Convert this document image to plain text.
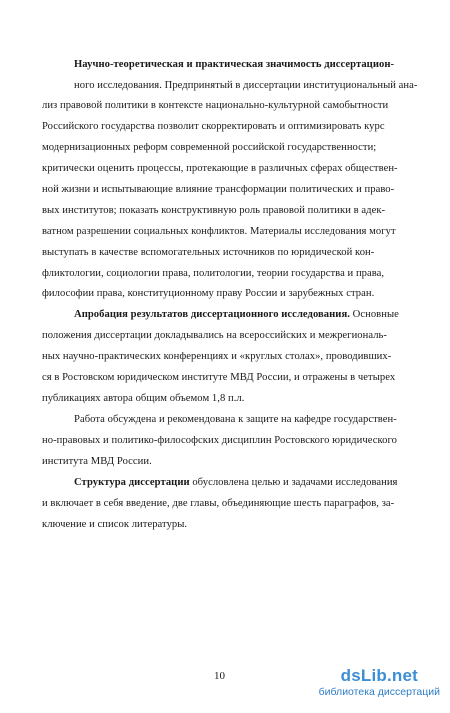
Научно-теоретическая и практическая значимость диссертацион-
ного исследования. Предпринятый в диссертации институциональный ана-
лиз правовой политики в контексте национально-культурной самобытности
Российского государства позволит скорректировать и оптимизировать курс
модернизационных реформ современной российской государственности;
критически оценить процессы, протекающие в различных сферах обществен-
ной жизни и испытывающие влияние трансформации политических и право-
вых институтов; показать конструктивную роль правовой политики в адек-
ватном разрешении социальных конфликтов. Материалы исследования могут
выступать в качестве вспомогательных источников по юридической кон-
фликтологии, социологии права, политологии, теории государства и права,
философии права, конституционному праву России и зарубежных стран.
Апробация результатов диссертационного исследования. Основные
положения диссертации докладывались на всероссийских и межрегиональ-
ных научно-практических конференциях и «круглых столах», проводивших-
ся в Ростовском юридическом институте МВД России, и отражены в четырех
публикациях автора общим объемом 1,8 п.л.
Работа обсуждена и рекомендована к защите на кафедре государствен-
но-правовых и политико-философских дисциплин Ростовского юридического
института МВД России.
Структура диссертации обусловлена целью и задачами исследования
и включает в себя введение, две главы, объединяющие шесть параграфов, за-
ключение и список литературы.
10	dsLib.net
библиотека диссертаций
